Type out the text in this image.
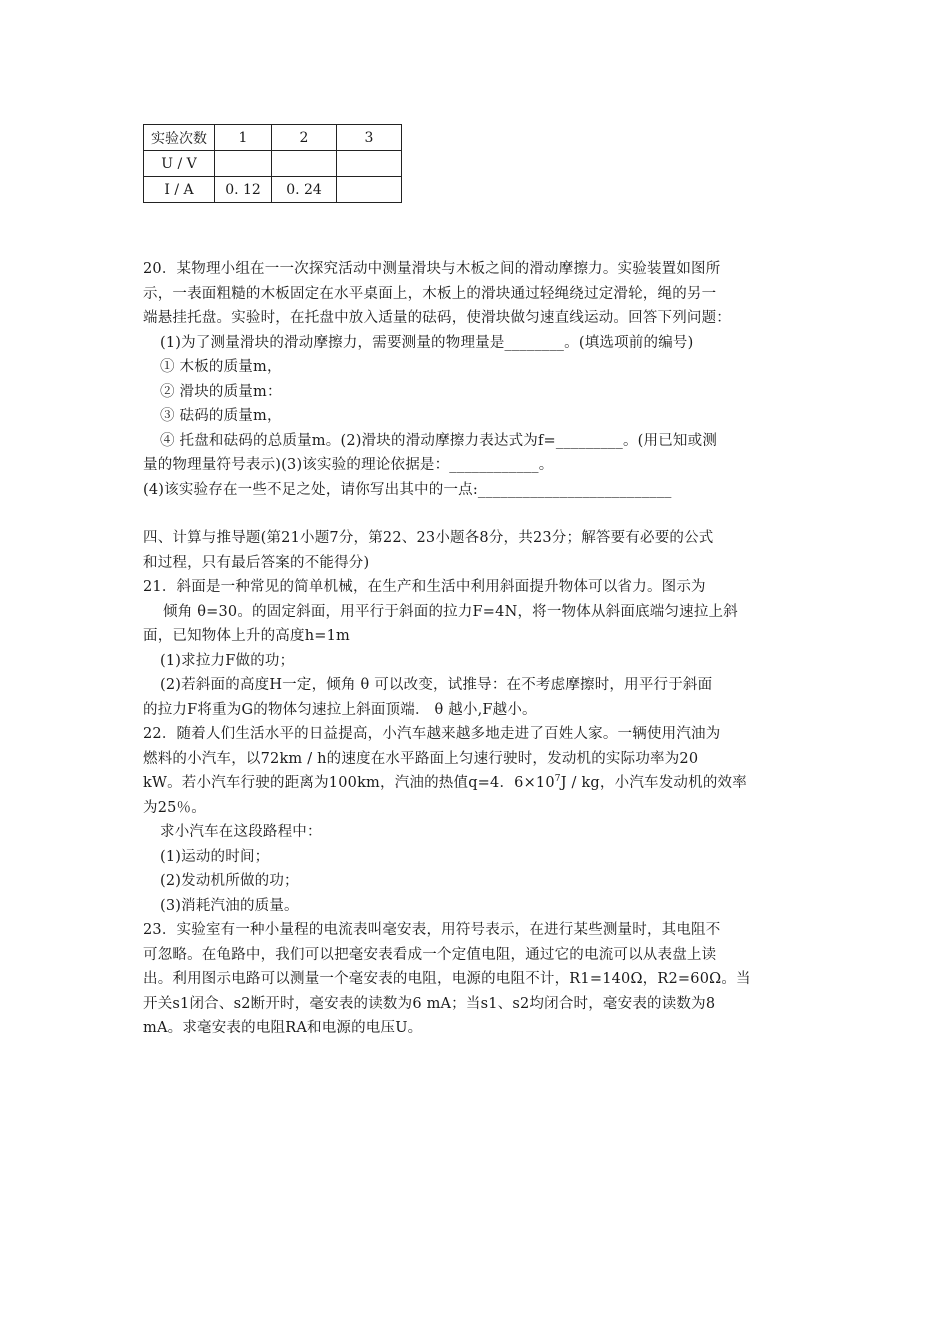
实验次数	1	2	3
U / V			
I / A	0. 12	0. 24	

20．某物理小组在一一次探究活动中测量滑块与木板之间的滑动摩擦力。实验装置如图所

示，一表面粗糙的木板固定在水平桌面上，木板上的滑块通过轻绳绕过定滑轮，绳的另一

端悬挂托盘。实验时，在托盘中放入适量的砝码，使滑块做匀速直线运动。回答下列问题：

(1)为了测量滑块的滑动摩擦力，需要测量的物理量是________。(填选项前的编号)

① 木板的质量m，

② 滑块的质量m：

③ 砝码的质量m，

④ 托盘和砝码的总质量m。(2)滑块的滑动摩擦力表达式为f=_________。(用已知或测

量的物理量符号表示)(3)该实验的理论依据是：____________。

(4)该实验存在一些不足之处，请你写出其中的一点:__________________________

四、计算与推导题(第21小题7分，第22、23小题各8分，共23分；解答要有必要的公式

和过程，只有最后答案的不能得分)

21．斜面是一种常见的简单机械，在生产和生活中利用斜面提升物体可以省力。图示为

倾角 θ=30。的固定斜面，用平行于斜面的拉力F=4N，将一物体从斜面底端匀速拉上斜

面，已知物体上升的高度h=1m

(1)求拉力F做的功；

(2)若斜面的高度H一定，倾角 θ 可以改变，试推导：在不考虑摩擦时，用平行于斜面

的拉力F将重为G的物体匀速拉上斜面顶端． θ 越小,F越小。

22．随着人们生活水平的日益提高，小汽车越来越多地走进了百姓人家。一辆使用汽油为

燃料的小汽车，以72km / h的速度在水平路面上匀速行驶时，发动机的实际功率为20

kW。若小汽车行驶的距离为100km，汽油的热值q=4．$6\times 10^7J$ / kg，小汽车发动机的效率

为25％。

求小汽车在这段路程中：

(1)运动的时间；

(2)发动机所做的功；

(3)消耗汽油的质量。

23．实验室有一种小量程的电流表叫毫安表，用符号表示，在进行某些测量时，其电阻不

可忽略。在龟路中，我们可以把毫安表看成一个定值电阻，通过它的电流可以从表盘上读

出。利用图示电路可以测量一个毫安表的电阻，电源的电阻不计，R1=140Ω，R2=60Ω。当

开关s1闭合、s2断开时，毫安表的读数为6 mA；当s1、s2均闭合时，毫安表的读数为8

mA。求毫安表的电阻RA和电源的电压U。
